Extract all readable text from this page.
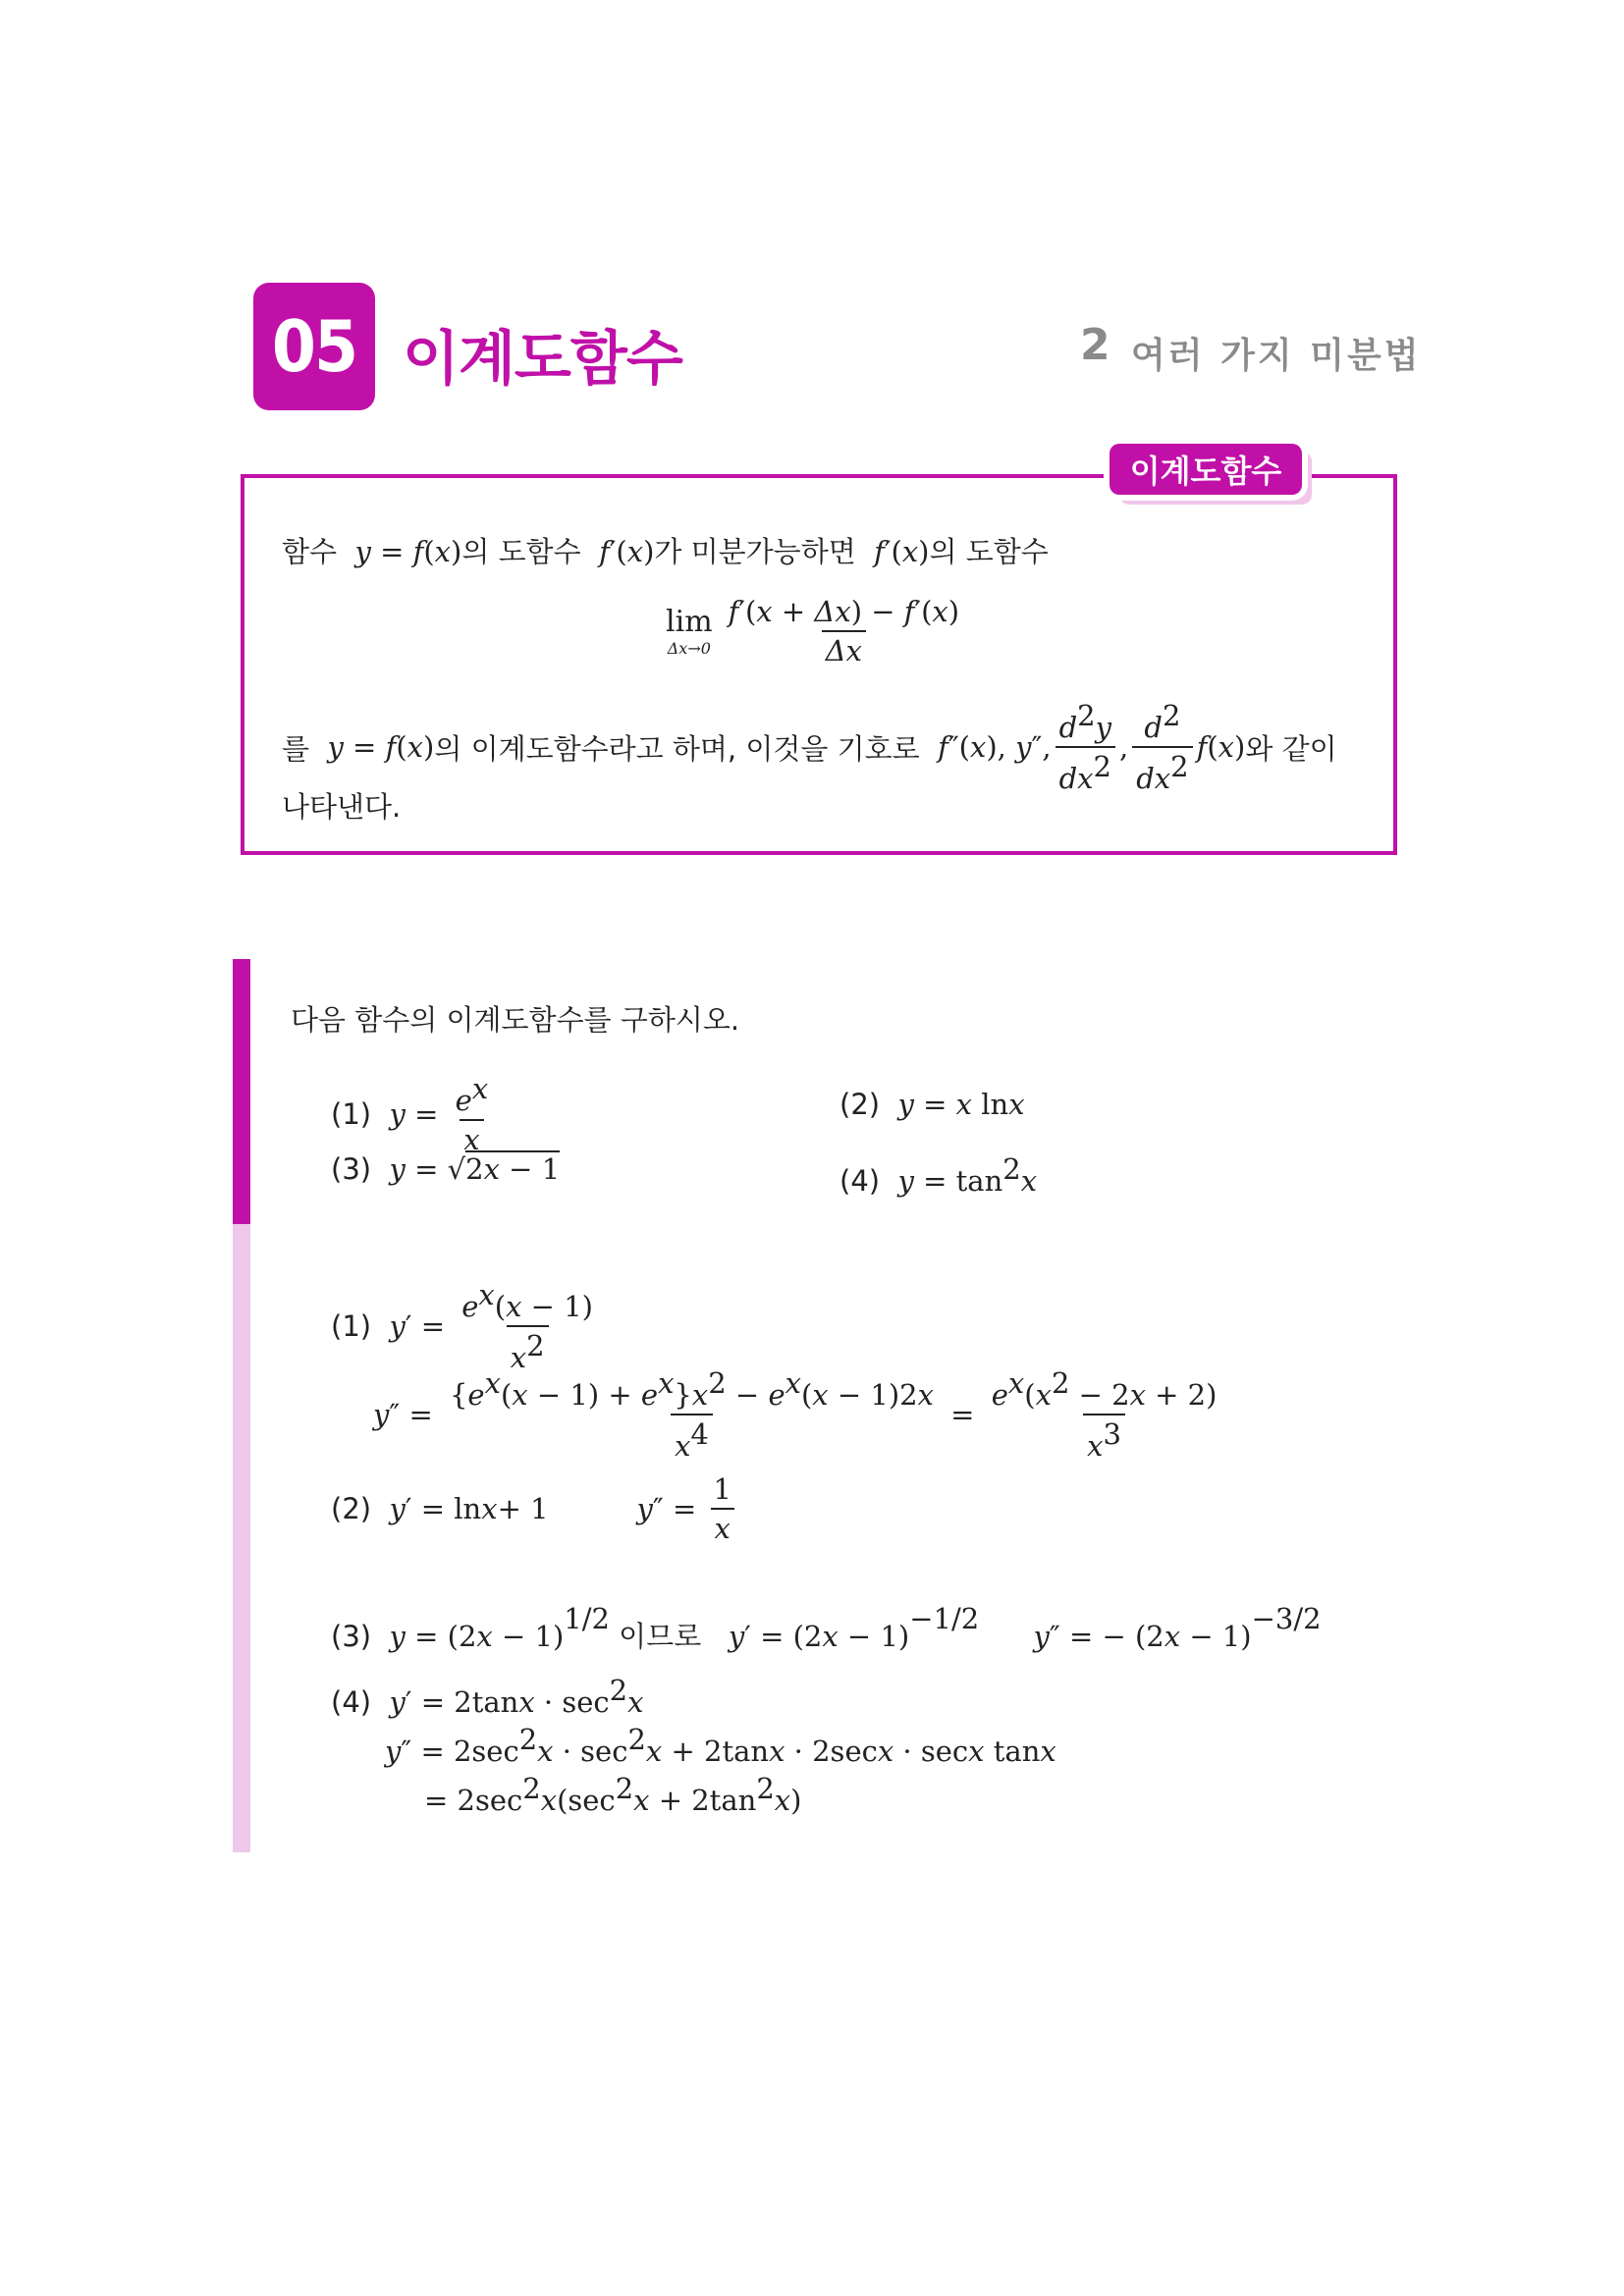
05 이계도함수	2 여러 가지 미분법
이계도함수
함수 y = f(x)의 도함수 f′(x)가 미분가능하면 f′(x)의 도함수
lim
$\Delta x\to 0 \frac{f'(x + \Delta x) - f'(x)}{\Delta x}$
를
y = f ( x ) 의 이계도함수라고 하며, 이것을 기호로
f ″( x ), y ″, $\frac{d^2y}{dx^2}$ , $\frac{d^2}{dx^2}$ f ( x ) 와 같이
나타낸다.
다음 함수의 이계도함수를 구하시오.
(1)
$y = \frac{e^x}{x}$	(2) y = x lnx
(3) y = √2x − 1	(4) $y = \tan^2x$
(1)
y ′ = $\frac{e^x(x - 1)}{x^2}$
y ″ = $\frac{\{e^x(x - 1) + e^x\}x^2 - e^x(x - 1)2x}{x^4} = \frac{e^x(x^2 - 2x + 2)}{x^3}$
(2)
y ′ = ln x + 1	y ″ = $\frac{1}{x}$
(3) $y = (2x - 1)^{1/2}$ 이므로 $y' = (2x - 1)^{-1/2}$      y″ = − $(2x - 1)^{-3/2}$
(4) $y' = 2\tan x \cdot \sec^2x$
$y'' = 2\sec^2x \cdot \sec^2x + 2\tan x \cdot 2\sec x \cdot \sec x$ tanx
= $2\sec^2x(\sec^2x + 2\tan^2x)$
